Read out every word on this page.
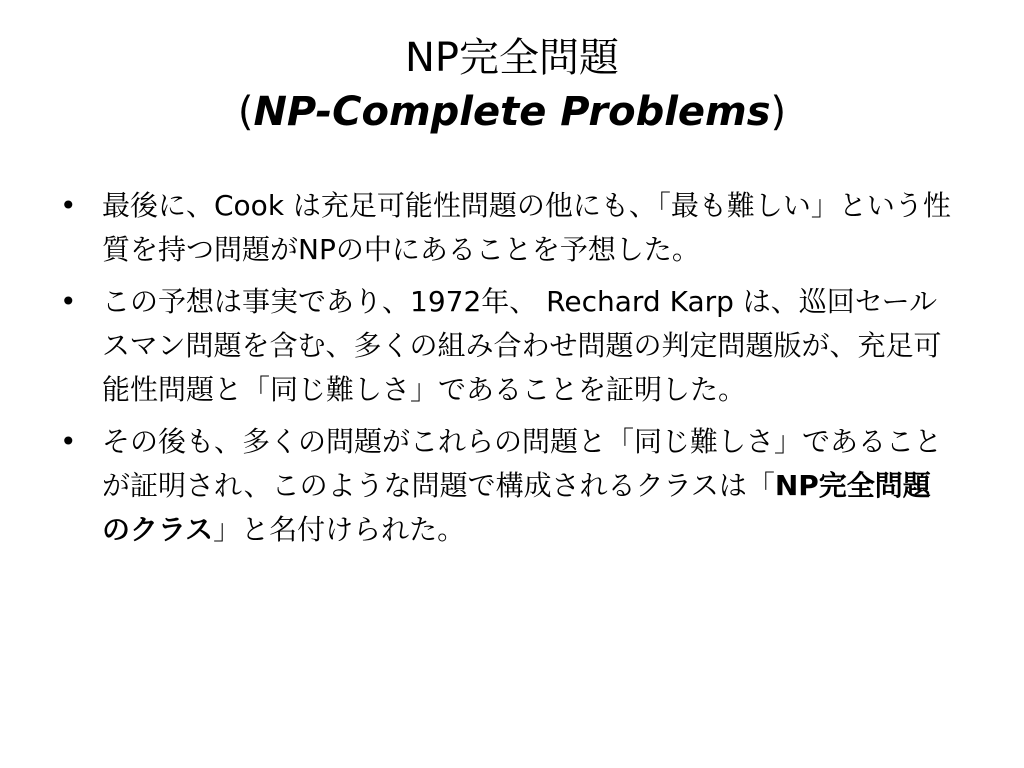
NP完全問題
(NP-Complete Problems)
• 最後に、Cook は充足可能性問題の他にも、「最も難しい」という性質を持つ問題がNPの中にあることを予想した。
• この予想は事実であり、1972年、 Rechard Karp は、巡回セールスマン問題を含む、多くの組み合わせ問題の判定問題版が、充足可能性問題と「同じ難しさ」であることを証明した。
• その後も、多くの問題がこれらの問題と「同じ難しさ」であることが証明され、このような問題で構成されるクラスは「NP完全問題のクラス」と名付けられた。
